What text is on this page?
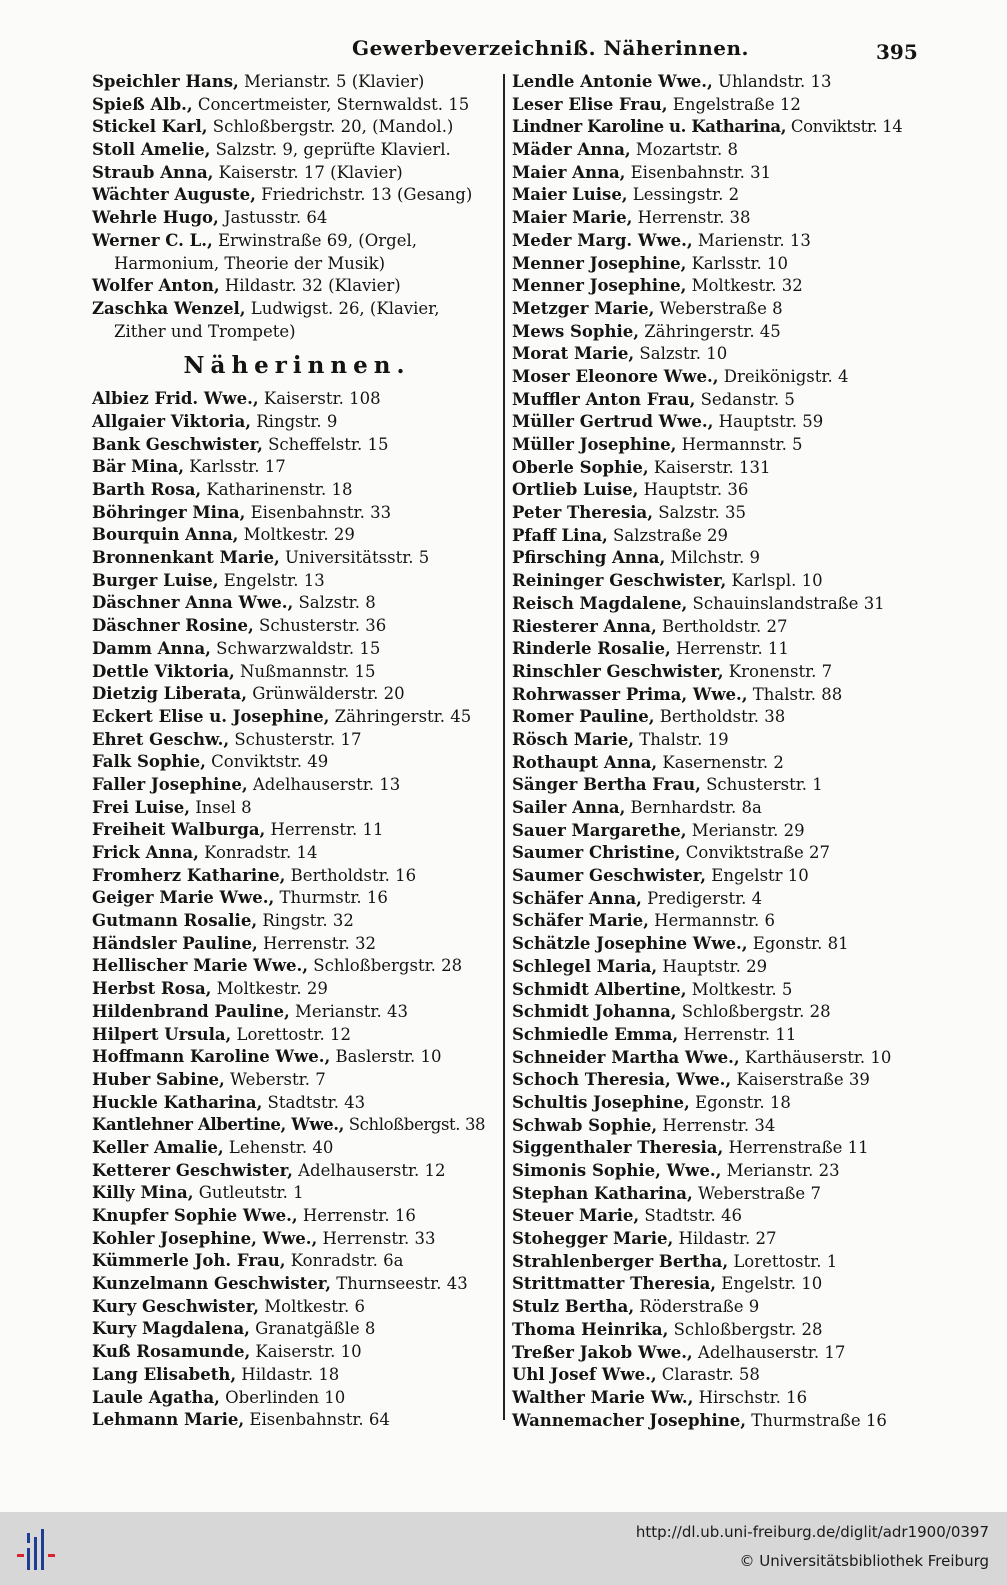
Gewerbeverzeichniß. Näherinnen.	395
Speichler Hans, Merianstr. 5 (Klavier)
Spieß Alb., Concertmeister, Sternwaldst. 15
Stickel Karl, Schloßbergstr. 20, (Mandol.)
Stoll Amelie, Salzstr. 9, geprüfte Klavierl.
Straub Anna, Kaiserstr. 17 (Klavier)
Wächter Auguste, Friedrichstr. 13 (Gesang)
Wehrle Hugo, Jastusstr. 64
Werner C. L., Erwinstraße 69, (Orgel,
Harmonium, Theorie der Musik)
Wolfer Anton, Hildastr. 32 (Klavier)
Zaschka Wenzel, Ludwigst. 26, (Klavier,
Zither und Trompete)
Näherinnen.
Albiez Frid. Wwe., Kaiserstr. 108
Allgaier Viktoria, Ringstr. 9
Bank Geschwister, Scheffelstr. 15
Bär Mina, Karlsstr. 17
Barth Rosa, Katharinenstr. 18
Böhringer Mina, Eisenbahnstr. 33
Bourquin Anna, Moltkestr. 29
Bronnenkant Marie, Universitätsstr. 5
Burger Luise, Engelstr. 13
Däschner Anna Wwe., Salzstr. 8
Däschner Rosine, Schusterstr. 36
Damm Anna, Schwarzwaldstr. 15
Dettle Viktoria, Nußmannstr. 15
Dietzig Liberata, Grünwälderstr. 20
Eckert Elise u. Josephine, Zähringerstr. 45
Ehret Geschw., Schusterstr. 17
Falk Sophie, Conviktstr. 49
Faller Josephine, Adelhauserstr. 13
Frei Luise, Insel 8
Freiheit Walburga, Herrenstr. 11
Frick Anna, Konradstr. 14
Fromherz Katharine, Bertholdstr. 16
Geiger Marie Wwe., Thurmstr. 16
Gutmann Rosalie, Ringstr. 32
Händsler Pauline, Herrenstr. 32
Hellischer Marie Wwe., Schloßbergstr. 28
Herbst Rosa, Moltkestr. 29
Hildenbrand Pauline, Merianstr. 43
Hilpert Ursula, Lorettostr. 12
Hoffmann Karoline Wwe., Baslerstr. 10
Huber Sabine, Weberstr. 7
Huckle Katharina, Stadtstr. 43
Kantlehner Albertine, Wwe., Schloßbergst. 38
Keller Amalie, Lehenstr. 40
Ketterer Geschwister, Adelhauserstr. 12
Killy Mina, Gutleutstr. 1
Knupfer Sophie Wwe., Herrenstr. 16
Kohler Josephine, Wwe., Herrenstr. 33
Kümmerle Joh. Frau, Konradstr. 6a
Kunzelmann Geschwister, Thurnseestr. 43
Kury Geschwister, Moltkestr. 6
Kury Magdalena, Granatgäßle 8
Kuß Rosamunde, Kaiserstr. 10
Lang Elisabeth, Hildastr. 18
Laule Agatha, Oberlinden 10
Lehmann Marie, Eisenbahnstr. 64
Lendle Antonie Wwe., Uhlandstr. 13
Leser Elise Frau, Engelstraße 12
Lindner Karoline u. Katharina, Conviktstr. 14
Mäder Anna, Mozartstr. 8
Maier Anna, Eisenbahnstr. 31
Maier Luise, Lessingstr. 2
Maier Marie, Herrenstr. 38
Meder Marg. Wwe., Marienstr. 13
Menner Josephine, Karlsstr. 10
Menner Josephine, Moltkestr. 32
Metzger Marie, Weberstraße 8
Mews Sophie, Zähringerstr. 45
Morat Marie, Salzstr. 10
Moser Eleonore Wwe., Dreikönigstr. 4
Muffler Anton Frau, Sedanstr. 5
Müller Gertrud Wwe., Hauptstr. 59
Müller Josephine, Hermannstr. 5
Oberle Sophie, Kaiserstr. 131
Ortlieb Luise, Hauptstr. 36
Peter Theresia, Salzstr. 35
Pfaff Lina, Salzstraße 29
Pfirsching Anna, Milchstr. 9
Reininger Geschwister, Karlspl. 10
Reisch Magdalene, Schauinslandstraße 31
Riesterer Anna, Bertholdstr. 27
Rinderle Rosalie, Herrenstr. 11
Rinschler Geschwister, Kronenstr. 7
Rohrwasser Prima, Wwe., Thalstr. 88
Romer Pauline, Bertholdstr. 38
Rösch Marie, Thalstr. 19
Rothaupt Anna, Kasernenstr. 2
Sänger Bertha Frau, Schusterstr. 1
Sailer Anna, Bernhardstr. 8a
Sauer Margarethe, Merianstr. 29
Saumer Christine, Conviktstraße 27
Saumer Geschwister, Engelstr 10
Schäfer Anna, Predigerstr. 4
Schäfer Marie, Hermannstr. 6
Schätzle Josephine Wwe., Egonstr. 81
Schlegel Maria, Hauptstr. 29
Schmidt Albertine, Moltkestr. 5
Schmidt Johanna, Schloßbergstr. 28
Schmiedle Emma, Herrenstr. 11
Schneider Martha Wwe., Karthäuserstr. 10
Schoch Theresia, Wwe., Kaiserstraße 39
Schultis Josephine, Egonstr. 18
Schwab Sophie, Herrenstr. 34
Siggenthaler Theresia, Herrenstraße 11
Simonis Sophie, Wwe., Merianstr. 23
Stephan Katharina, Weberstraße 7
Steuer Marie, Stadtstr. 46
Stohegger Marie, Hildastr. 27
Strahlenberger Bertha, Lorettostr. 1
Strittmatter Theresia, Engelstr. 10
Stulz Bertha, Röderstraße 9
Thoma Heinrika, Schloßbergstr. 28
Treßer Jakob Wwe., Adelhauserstr. 17
Uhl Josef Wwe., Clarastr. 58
Walther Marie Ww., Hirschstr. 16
Wannemacher Josephine, Thurmstraße 16
http://dl.ub.uni-freiburg.de/diglit/adr1900/0397
© Universitätsbibliothek Freiburg
